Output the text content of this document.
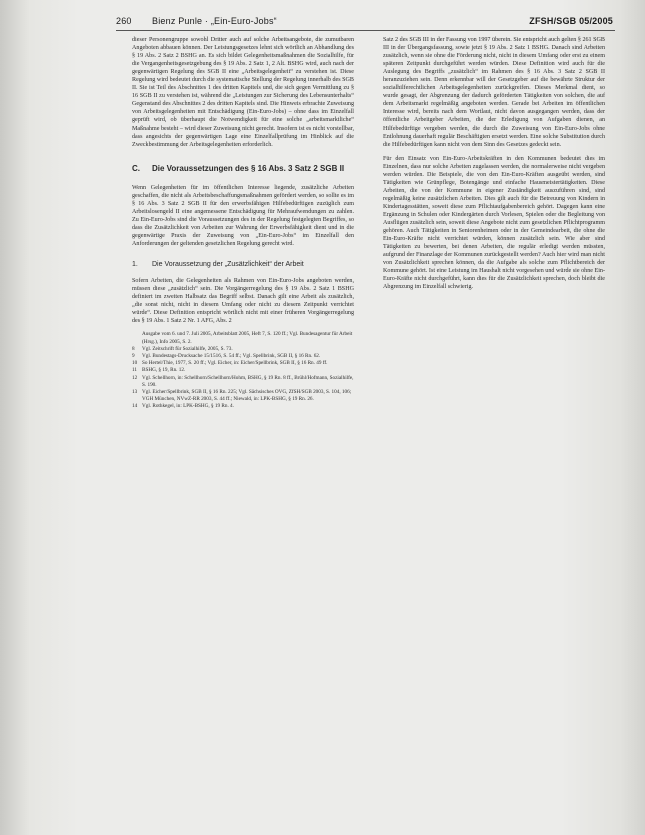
260 Bienz Punle · „Ein-Euro-Jobs“	ZFSH/SGB 05/2005

dieser Personengruppe sowohl Dritter auch auf solche Arbeitsangebote, die zumutbaren Angeboten abbauen können. Der Leistungsgesetzes lehnt sich wörtlich an Abhandlung des § 19 Abs. 2 Satz 2 BSHG an. Es sich bildet Gelegenheitsmaßnahmen die Sozialhilfe, für die Vergangenheitsgesetzgebung des § 19 Abs. 2 Satz 1, 2 Alt. BSHG wird, auch nach der gegenwärtigen Regelung des SGB II eine „Arbeitsgelegenheit“ zu verstehen ist. Diese Regelung wird bedeutet durch die systematische Stellung der Regelung innerhalb des SGB II. Sie ist Teil des Abschnittes 1 des dritten Kapitels und, die sich gegen Vermittlung zu § 16 SGB II zu verstehen ist, während die „Leistungen zur Sicherung des Lebensunterhalts“ Gegenstand des Abschnittes 2 des dritten Kapitels sind. Die Hinweis erbrachte Zuweisung von Arbeitsgelegenheiten mit Entschädigung (Ein-Euro-Jobs) – ohne dass im Einzelfall geprüft wird, ob überhaupt die Notwendigkeit für eine solche „arbeitsmarktliche“ Maßnahme besteht – wird dieser Zuweisung nicht gerecht. Insofern ist es nicht vorstellbar, dass angesichts der gegenwärtigen Lage eine Einzelfallprüfung im Hinblick auf die Zweckbestimmung der Arbeitsgelegenheiten erforderlich.

C.	Die Voraussetzungen des § 16 Abs. 3 Satz 2 SGB II

Wenn Gelegenheiten für im öffentlichen Interesse liegende, zusätzliche Arbeiten geschaffen, die nicht als Arbeitsbeschaffungsmaßnahmen gefördert werden, so sollte es im § 16 Abs. 3 Satz 2 SGB II für den erwerbsfähigen Hilfebedürftigen zuzüglich zum Arbeitslosengeld II eine angemessene Entschädigung für Mehraufwendungen zu zahlen. Zu Ein-Euro-Jobs sind die Voraussetzungen des in der Regelung festgelegten Begriffes, so dass die Zusätzlichkeit von Arbeiten zur Wahrung der Erwerbsfähigkeit dient und in die gegenwärtige Praxis der Zuweisung von „Ein-Euro-Jobs“ im Einzelfall den Anforderungen der geltenden gesetzlichen Regelung gerecht wird.

1.	Die Voraussetzung der „Zusätzlichkeit“ der Arbeit

Sofern Arbeiten, die Gelegenheiten als Rahmen von Ein-Euro-Jobs angeboten werden, müssen diese „zusätzlich“ sein. Die Vorgängerregelung des § 19 Abs. 2 Satz 1 BSHG definiert im zweiten Halbsatz das Begriff selbst. Danach gilt eine Arbeit als zusätzlich, „die sonst nicht, nicht in diesem Umfang oder nicht zu diesem Zeitpunkt verrichtet würde“. Diese Definition entspricht wörtlich nicht mit einer früheren Vorgängerregelung des § 19 Abs. 1 Satz 2 Nr. 1 AFG, Abs. 2

Ausgabe vom 6. und 7. Juli 2005, Arbeitsblatt 2005, Heft 7, S. 120 ff.; Vgl. Bundesagentur für Arbeit (Hrsg.), Info 2005, S. 2.
8	Vgl. Zeitschrift für Sozialhilfe, 2005, S. 73.
9	Vgl. Bundestags-Drucksache 15/1516, S. 54 ff.; Vgl. Spellbrink, SGB II, § 16 Rn. 62.
10 So Hertel/Thie, 1977, S. 20 ff.; Vgl. Eicher, in: Eicher/Spellbrink, SGB II, § 16 Rn. 49 ff.
11 BSHG, § 19, Rn. 12.
12 Vgl. Schellhorn, in: Schellhorn/Schellhorn/Hohm, BSHG, § 19 Rn. 8 ff., Brühl/Hofmann, Sozialhilfe, S. 190.
13 Vgl. Eicher/Spellbrink, SGB II, § 16 Rn. 225; Vgl. Sächsisches OVG, ZfSH/SGB 2003, S. 104, 106; VGH München, NVwZ-RR 2003, S. 44 ff.; Niewald, in: LPK-BSHG, § 19 Rn. 26.
14 Vgl. Rothkegel, in: LPK-BSHG, § 19 Rn. 4.

Satz 2 des SGB III in der Fassung von 1997 überein. Sie entspricht auch gelten § 261 SGB III in der Übergangsfassung, sowie jetzt § 19 Abs. 2 Satz 1 BSHG. Danach sind Arbeiten zusätzlich, wenn sie ohne die Förderung nicht, nicht in diesem Umfang oder erst zu einem späteren Zeitpunkt durchgeführt werden würden. Diese Definition wird auch für die Auslegung des Begriffs „zusätzlich“ im Rahmen des § 16 Abs. 3 Satz 2 SGB II heranzuziehen sein. Denn erkennbar will der Gesetzgeber auf die bewährte Struktur der sozialhilferechtlichen Arbeitsgelegenheiten zurückgreifen. Dieses Merkmal dient, so wurde gesagt, der Abgrenzung der dadurch geförderten Tätigkeiten von solchen, die auf dem Arbeitsmarkt regelmäßig angeboten werden. Gerade bei Arbeiten im öffentlichen Interesse wird, bereits nach dem Wortlaut, nicht davon ausgegangen werden, dass der öffentliche Arbeitgeber Arbeiten, die der Erledigung von Aufgaben dienen, an Hilfebedürftige vergeben werden, die durch die Zuweisung von Ein-Euro-Jobs ohne Entlohnung dauerhaft regulär Beschäftigten ersetzt werden. Eine solche Substitution durch die Hilfebedürftigen kann nicht von dem Sinn des Gesetzes gedeckt sein.

Für den Einsatz von Ein-Euro-Arbeitskräften in den Kommunen bedeutet dies im Einzelnen, dass nur solche Arbeiten zugelassen werden, die normalerweise nicht vergeben werden würden. Die Beispiele, die von den Ein-Euro-Kräften ausgeübt werden, sind Tätigkeiten wie Grünpflege, Botengänge und einfache Hausmeistertätigkeiten. Diese Arbeiten, die von der Kommune in eigener Zuständigkeit auszuführen sind, sind regelmäßig keine zusätzlichen Arbeiten. Dies gilt auch für die Betreuung von Kindern in Kindertagesstätten, soweit diese zum Pflichtaufgabenbereich gehört. Dagegen kann eine Ergänzung in Schulen oder Kindergärten durch Vorlesen, Spielen oder die Begleitung von Ausflügen zusätzlich sein, soweit diese Angebote nicht zum gesetzlichen Pflichtprogramm gehören. Auch Tätigkeiten in Seniorenheimen oder in der Gemeindearbeit, die ohne die Ein-Euro-Kräfte nicht verrichtet würden, können zusätzlich sein. Wie aber sind Tätigkeiten zu bewerten, bei denen Arbeiten, die regulär erledigt werden müssten, aufgrund der Finanzlage der Kommunen zurückgestellt werden? Auch hier wird man nicht von Zusätzlichkeit sprechen können, da die Aufgabe als solche zum Pflichtbereich der Kommune gehört. Ist eine Leistung im Haushalt nicht vorgesehen und würde sie ohne Ein-Euro-Kräfte nicht durchgeführt, kann dies für die Zusätzlichkeit sprechen, doch bleibt die Abgrenzung im Einzelfall schwierig.
